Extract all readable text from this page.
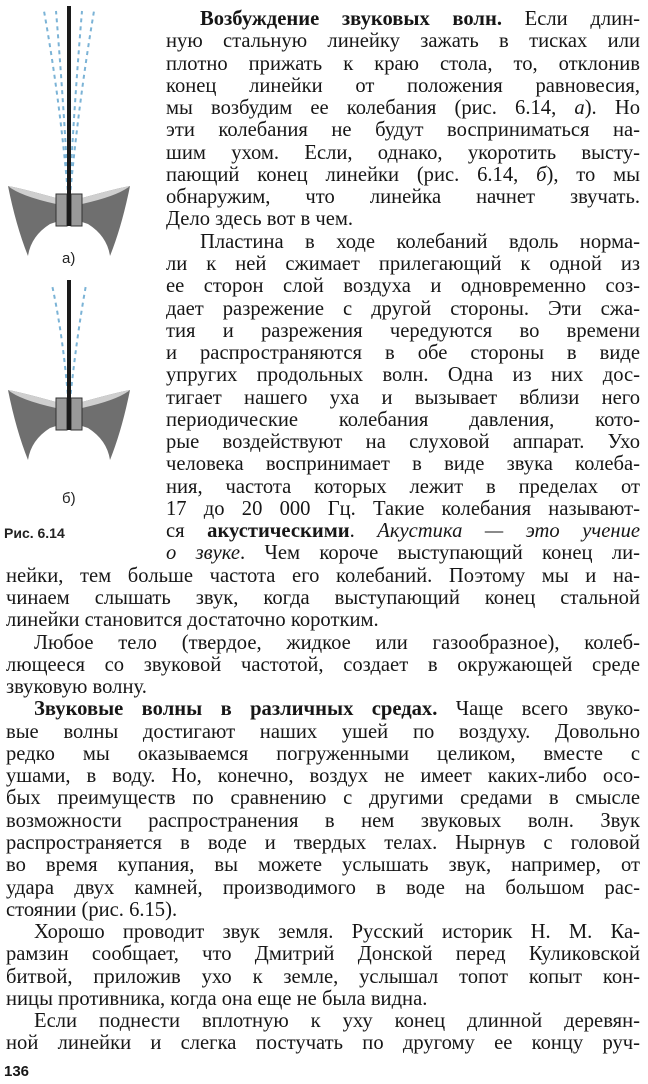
а)
б)
Рис. 6.14
Возбуждение звуковых волн. Если длин-
ную стальную линейку зажать в тисках или
плотно прижать к краю стола, то, отклонив
конец линейки от положения равновесия,
мы возбудим ее колебания (рис. 6.14, а). Но
эти колебания не будут восприниматься на-
шим ухом. Если, однако, укоротить высту-
пающий конец линейки (рис. 6.14, б), то мы
обнаружим, что линейка начнет звучать.
Дело здесь вот в чем.
Пластина в ходе колебаний вдоль норма-
ли к ней сжимает прилегающий к одной из
ее сторон слой воздуха и одновременно соз-
дает разрежение с другой стороны. Эти сжа-
тия и разрежения чередуются во времени
и распространяются в обе стороны в виде
упругих продольных волн. Одна из них дос-
тигает нашего уха и вызывает вблизи него
периодические колебания давления, кото-
рые воздействуют на слуховой аппарат. Ухо
человека воспринимает в виде звука колеба-
ния, частота которых лежит в пределах от
17 до 20 000 Гц. Такие колебания называют-
ся акустическими. Акустика — это учение
о звуке. Чем короче выступающий конец ли-
нейки, тем больше частота его колебаний. Поэтому мы и на-
чинаем слышать звук, когда выступающий конец стальной
линейки становится достаточно коротким.
Любое тело (твердое, жидкое или газообразное), колеб-
лющееся со звуковой частотой, создает в окружающей среде
звуковую волну.
Звуковые волны в различных средах. Чаще всего звуко-
вые волны достигают наших ушей по воздуху. Довольно
редко мы оказываемся погруженными целиком, вместе с
ушами, в воду. Но, конечно, воздух не имеет каких-либо осо-
бых преимуществ по сравнению с другими средами в смысле
возможности распространения в нем звуковых волн. Звук
распространяется в воде и твердых телах. Нырнув с головой
во время купания, вы можете услышать звук, например, от
удара двух камней, производимого в воде на большом рас-
стоянии (рис. 6.15).
Хорошо проводит звук земля. Русский историк Н. М. Ка-
рамзин сообщает, что Дмитрий Донской перед Куликовской
битвой, приложив ухо к земле, услышал топот копыт кон-
ницы противника, когда она еще не была видна.
Если поднести вплотную к уху конец длинной деревян-
ной линейки и слегка постучать по другому ее концу руч-
136
